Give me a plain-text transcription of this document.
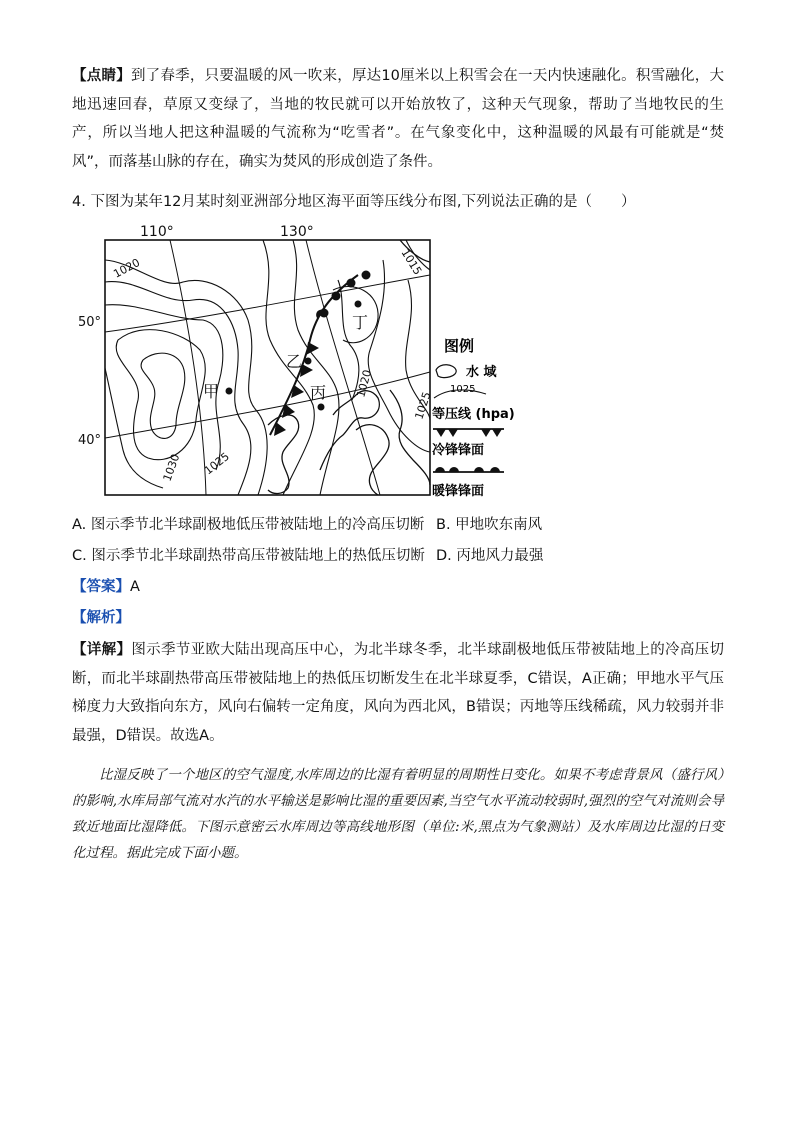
【点睛】到了春季，只要温暖的风一吹来，厚达10厘米以上积雪会在一天内快速融化。积雪融化，大地迅速回春，草原又变绿了，当地的牧民就可以开始放牧了，这种天气现象，帮助了当地牧民的生产，所以当地人把这种温暖的气流称为“吃雪者”。在气象变化中，这种温暖的风最有可能就是“焚风”，而落基山脉的存在，确实为焚风的形成创造了条件。

4. 下图为某年12月某时刻亚洲部分地区海平面等压线分布图,下列说法正确的是（　　）
110°	130°
50°
40°
1020	1015
1030 1025
1020
1025
甲
乙
丙
丁
图例
水 域
1025
等压线 (hpa)
冷锋锋面
暖锋锋面
A. 图示季节北半球副极地低压带被陆地上的冷高压切断 B. 甲地吹东南风
C. 图示季节北半球副热带高压带被陆地上的热低压切断 D. 丙地风力最强
【答案】A
【解析】

【详解】图示季节亚欧大陆出现高压中心，为北半球冬季，北半球副极地低压带被陆地上的冷高压切断，而北半球副热带高压带被陆地上的热低压切断发生在北半球夏季，C错误，A正确；甲地水平气压梯度力大致指向东方，风向右偏转一定角度，风向为西北风，B错误；丙地等压线稀疏，风力较弱并非最强，D错误。故选A。

比湿反映了一个地区的空气湿度,水库周边的比湿有着明显的周期性日变化。如果不考虑背景风（盛行风）的影响,水库局部气流对水汽的水平输送是影响比湿的重要因素,当空气水平流动较弱时,强烈的空气对流则会导致近地面比湿降低。下图示意密云水库周边等高线地形图（单位:米,黑点为气象测站）及水库周边比湿的日变化过程。据此完成下面小题。
